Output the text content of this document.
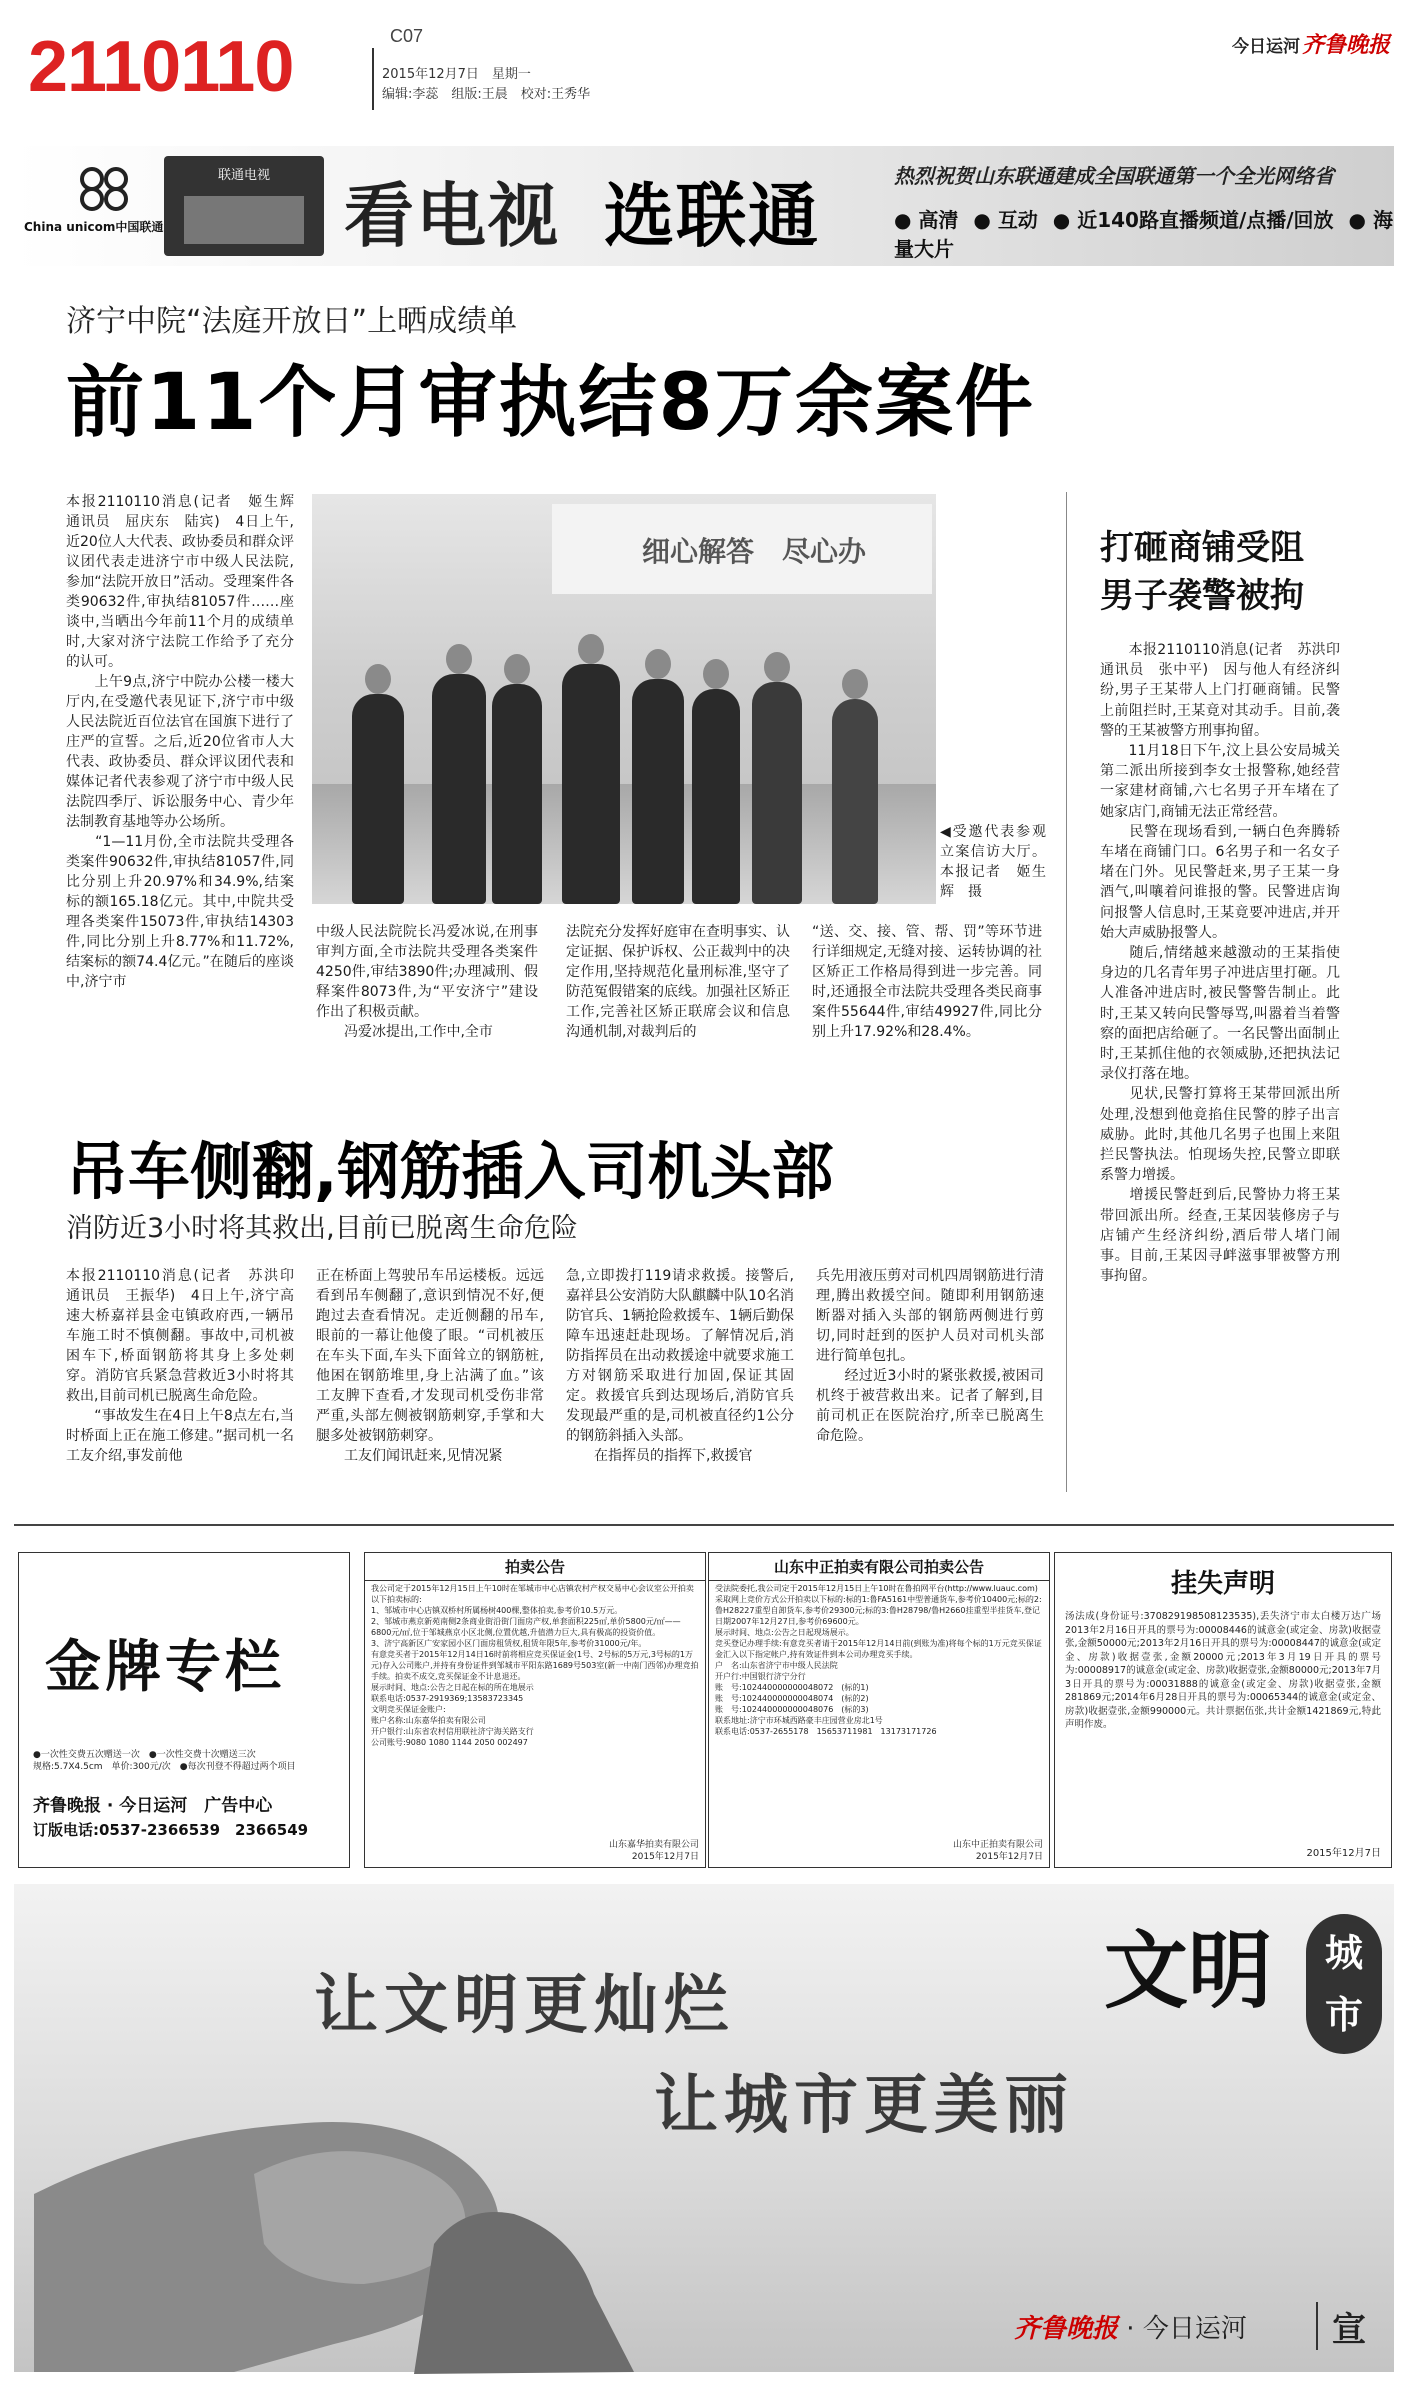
2110110	C07
2015年12月7日　星期一
编辑:李蕊　组版:王晨　校对:王秀华
今日运河 齐鲁晚报
China unicom中国联通
联通电视	看电视 选联通	热烈祝贺山东联通建成全国联通第一个全光网络省
● 高清 ● 互动 ● 近140路直播频道/点播/回放 ● 海量大片
济宁中院“法庭开放日”上晒成绩单
前11个月审执结8万余案件
本报2110110消息(记者　姬生辉　通讯员　屈庆东　陆宾)　4日上午,近20位人大代表、政协委员和群众评议团代表走进济宁市中级人民法院,参加“法院开放日”活动。受理案件各类90632件,审执结81057件……座谈中,当晒出今年前11个月的成绩单时,大家对济宁法院工作给予了充分的认可。
　　上午9点,济宁中院办公楼一楼大厅内,在受邀代表见证下,济宁市中级人民法院近百位法官在国旗下进行了庄严的宣誓。之后,近20位省市人大代表、政协委员、群众评议团代表和媒体记者代表参观了济宁市中级人民法院四季厅、诉讼服务中心、青少年法制教育基地等办公场所。
　　“1—11月份,全市法院共受理各类案件90632件,审执结81057件,同比分别上升20.97%和34.9%,结案标的额165.18亿元。其中,中院共受理各类案件15073件,审执结14303件,同比分别上升8.77%和11.72%,结案标的额74.4亿元。”在随后的座谈中,济宁市
细心解答　尽心办
◀受邀代表参观立案信访大厅。本报记者　姬生辉　摄
中级人民法院院长冯爱冰说,在刑事审判方面,全市法院共受理各类案件4250件,审结3890件;办理减刑、假释案件8073件,为“平安济宁”建设作出了积极贡献。
　　冯爱冰提出,工作中,全市
法院充分发挥好庭审在查明事实、认定证据、保护诉权、公正裁判中的决定作用,坚持规范化量刑标准,坚守了防范冤假错案的底线。加强社区矫正工作,完善社区矫正联席会议和信息沟通机制,对裁判后的
“送、交、接、管、帮、罚”等环节进行详细规定,无缝对接、运转协调的社区矫正工作格局得到进一步完善。同时,还通报全市法院共受理各类民商事案件55644件,审结49927件,同比分别上升17.92%和28.4%。
打砸商铺受阻
男子袭警被拘
　　本报2110110消息(记者　苏洪印　通讯员　张中平)　因与他人有经济纠纷,男子王某带人上门打砸商铺。民警上前阻拦时,王某竟对其动手。目前,袭警的王某被警方刑事拘留。
　　11月18日下午,汶上县公安局城关第二派出所接到李女士报警称,她经营一家建材商铺,六七名男子开车堵在了她家店门,商铺无法正常经营。
　　民警在现场看到,一辆白色奔腾轿车堵在商铺门口。6名男子和一名女子堵在门外。见民警赶来,男子王某一身酒气,叫嚷着问谁报的警。民警进店询问报警人信息时,王某竟要冲进店,并开始大声威胁报警人。
　　随后,情绪越来越激动的王某指使身边的几名青年男子冲进店里打砸。几人准备冲进店时,被民警警告制止。此时,王某又转向民警辱骂,叫嚣着当着警察的面把店给砸了。一名民警出面制止时,王某抓住他的衣领威胁,还把执法记录仪打落在地。
　　见状,民警打算将王某带回派出所处理,没想到他竟掐住民警的脖子出言威胁。此时,其他几名男子也围上来阻拦民警执法。怕现场失控,民警立即联系警力增援。
　　增援民警赶到后,民警协力将王某带回派出所。经查,王某因装修房子与店铺产生经济纠纷,酒后带人堵门闹事。目前,王某因寻衅滋事罪被警方刑事拘留。
吊车侧翻,钢筋插入司机头部
消防近3小时将其救出,目前已脱离生命危险
本报2110110消息(记者　苏洪印　通讯员　王振华)　4日上午,济宁高速大桥嘉祥县金屯镇政府西,一辆吊车施工时不慎侧翻。事故中,司机被困车下,桥面钢筋将其身上多处刺穿。消防官兵紧急营救近3小时将其救出,目前司机已脱离生命危险。
　　“事故发生在4日上午8点左右,当时桥面上正在施工修建。”据司机一名工友介绍,事发前他
正在桥面上驾驶吊车吊运楼板。远远看到吊车侧翻了,意识到情况不好,便跑过去查看情况。走近侧翻的吊车,眼前的一幕让他傻了眼。“司机被压在车头下面,车头下面耸立的钢筋桩,他困在钢筋堆里,身上沾满了血。”该工友脾下查看,才发现司机受伤非常严重,头部左侧被钢筋刺穿,手掌和大腿多处被钢筋刺穿。
　　工友们闻讯赶来,见情况紧
急,立即拨打119请求救援。接警后,嘉祥县公安消防大队麒麟中队10名消防官兵、1辆抢险救援车、1辆后勤保障车迅速赶赴现场。了解情况后,消防指挥员在出动救援途中就要求施工方对钢筋采取进行加固,保证其固定。救援官兵到达现场后,消防官兵发现最严重的是,司机被直径约1公分的钢筋斜插入头部。
　　在指挥员的指挥下,救援官
兵先用液压剪对司机四周钢筋进行清理,腾出救援空间。随即利用钢筋速断器对插入头部的钢筋两侧进行剪切,同时赶到的医护人员对司机头部进行简单包扎。
　　经过近3小时的紧张救援,被困司机终于被营救出来。记者了解到,目前司机正在医院治疗,所幸已脱离生命危险。
金牌专栏
●一次性交费五次赠送一次　●一次性交费十次赠送三次
规格:5.7X4.5cm　单价:300元/次　●每次刊登不得超过两个项目
齐鲁晚报 · 今日运河　广告中心
订版电话:0537-2366539　2366549
拍卖公告
我公司定于2015年12月15日上午10时在邹城市中心店镇农村产权交易中心会议室公开拍卖以下拍卖标的:
1、邹城市中心店镇双桥村所属杨树400棵,整体拍卖,参考价10.5万元。
2、邹城市燕京新苑南侧2条商业街沿街门面房产权,单套面积225㎡,单价5800元/㎡——6800元/㎡,位于邹城燕京小区北侧,位置优越,升值潜力巨大,具有极高的投资价值。
3、济宁高新区广安家园小区门面房租赁权,租赁年限5年,参考价31000元/年。
有意竞买者于2015年12月14日16时前将相应竞买保证金(1号、2号标的5万元,3号标的1万元)存入公司账户,并持有身份证件到邹城市平阳东路1689号503室(新一中南门西邻)办理竞拍手续。拍卖不成交,竞买保证金不计息退还。
展示时间、地点:公告之日起在标的所在地展示
联系电话:0537-2919369;13583723345
文明竞买保证金账户:
账户名称:山东嘉华拍卖有限公司
开户银行:山东省农村信用联社济宁海关路支行
公司账号:9080 1080 1144 2050 002497
山东嘉华拍卖有限公司
2015年12月7日
山东中正拍卖有限公司拍卖公告
受法院委托,我公司定于2015年12月15日上午10时在鲁拍网平台(http://www.luauc.com)采取网上竞价方式公开拍卖以下标的:标的1:鲁FA5161中型普通货车,参考价10400元;标的2:鲁H28227重型自卸货车,参考价29300元;标的3:鲁H28798/鲁H2660挂重型半挂货车,登记日期2007年12月27日,参考价69600元。
展示时间、地点:公告之日起现场展示。
竞买登记办理手续:有意竞买者请于2015年12月14日前(到账为准)将每个标的1万元竞买保证金汇入以下指定帐户,持有效证件到本公司办理竞买手续。
户　名:山东省济宁市中级人民法院
开户行:中国银行济宁分行
账　号:102440000000048072　(标的1)
账　号:102440000000048074　(标的2)
账　号:102440000000048076　(标的3)
联系地址:济宁市环城西路豪丰庄园营业房北1号
联系电话:0537-2655178　15653711981　13173171726
山东中正拍卖有限公司
2015年12月7日
挂失声明
汤法成(身份证号:370829198508123535),丢失济宁市太白楼万达广场2013年2月16日开具的票号为:00008446的诚意金(或定金、房款)收据壹张,金额50000元;2013年2月16日开具的票号为:00008447的诚意金(或定金、房款)收据壹张,金额20000元;2013年3月19日开具的票号为:00008917的诚意金(或定金、房款)收据壹张,金额80000元;2013年7月3日开具的票号为:00031888的诚意金(或定金、房款)收据壹张,金额281869元;2014年6月28日开具的票号为:00065344的诚意金(或定金、房款)收据壹张,金额990000元。共计票据伍张,共计金额1421869元,特此声明作废。
2015年12月7日
让文明更灿烂
让城市更美丽
文明 城市
齐鲁晚报 · 今日运河	宣
